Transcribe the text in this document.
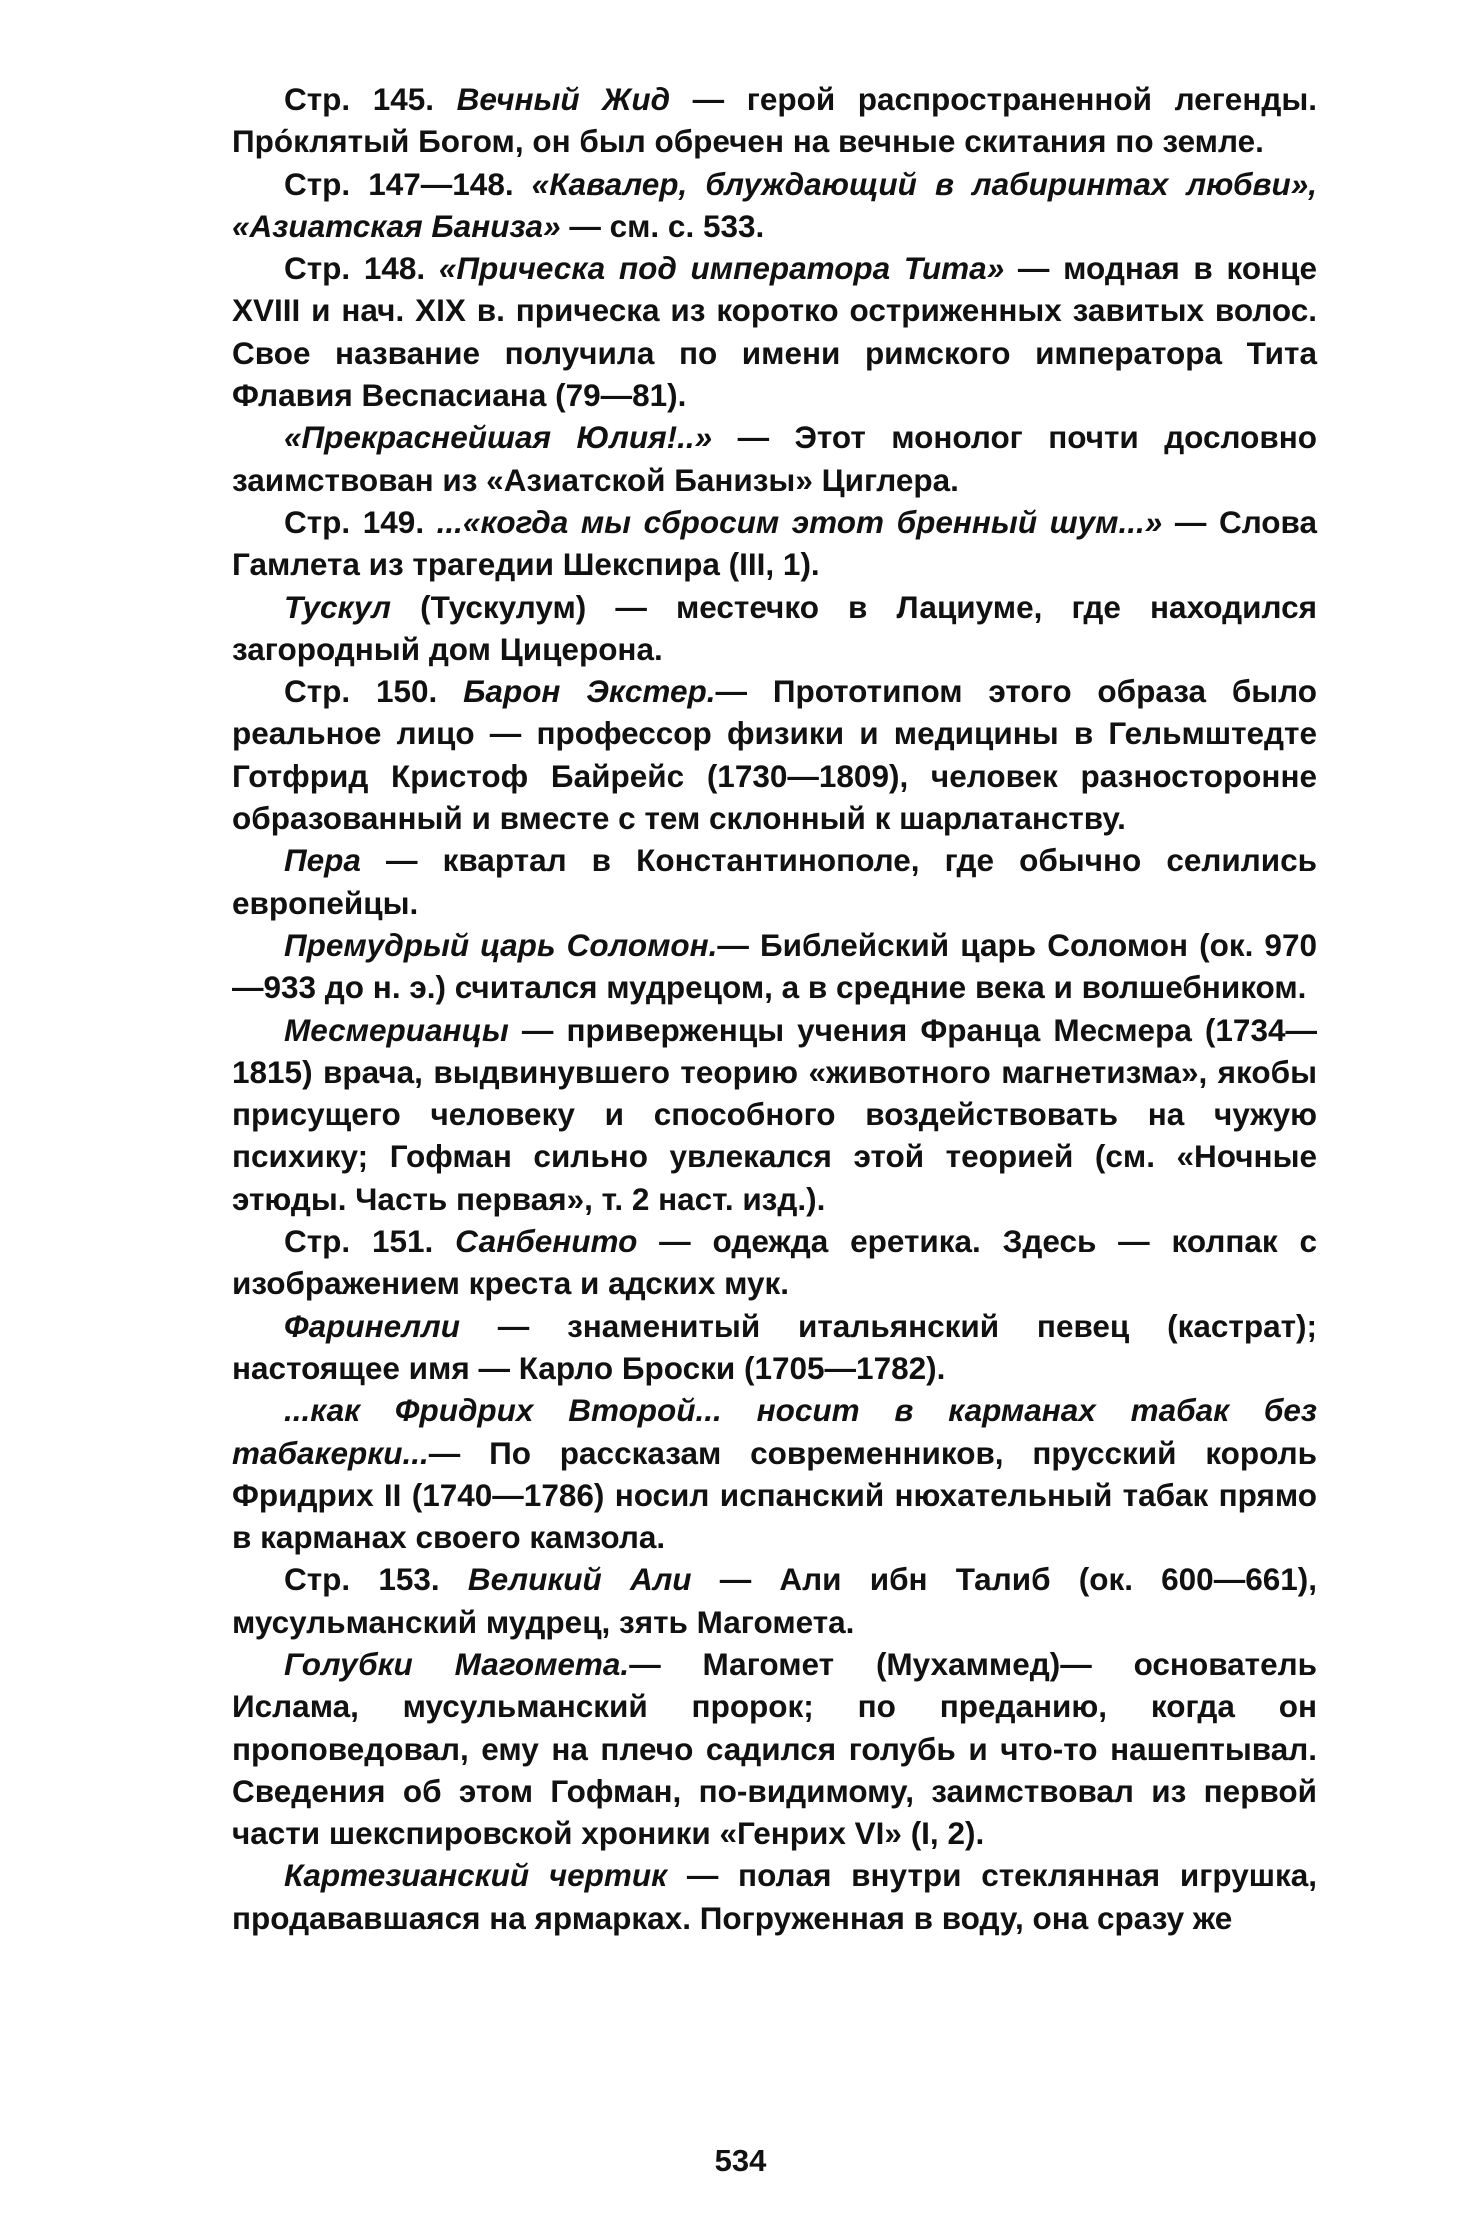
Стр. 145. Вечный Жид — герой распространенной легенды. Про́клятый Богом, он был обречен на вечные скитания по земле.

Стр. 147—148. «Кавалер, блуждающий в лабиринтах любви», «Азиатская Баниза» — см. с. 533.

Стр. 148. «Прическа под императора Тита» — модная в конце XVIII и нач. XIX в. прическа из коротко остриженных завитых волос. Свое название получила по имени римского императора Тита Флавия Веспасиана (79—81).

«Прекраснейшая Юлия!..» — Этот монолог почти дословно заимствован из «Азиатской Банизы» Циглера.

Стр. 149. ...«когда мы сбросим этот бренный шум...» — Слова Гамлета из трагедии Шекспира (III, 1).

Тускул (Тускулум) — местечко в Лациуме, где находился загородный дом Цицерона.

Стр. 150. Барон Экстер.— Прототипом этого образа было реальное лицо — профессор физики и медицины в Гельмштедте Готфрид Кристоф Байрейс (1730—1809), человек разносторонне образованный и вместе с тем склонный к шарлатанству.

Пера — квартал в Константинополе, где обычно селились европейцы.

Премудрый царь Соломон.— Библейский царь Соломон (ок. 970—933 до н. э.) считался мудрецом, а в средние века и волшебником.

Месмерианцы — приверженцы учения Франца Месмера (1734—1815) врача, выдвинувшего теорию «животного магнетизма», якобы присущего человеку и способного воздействовать на чужую психику; Гофман сильно увлекался этой теорией (см. «Ночные этюды. Часть первая», т. 2 наст. изд.).

Стр. 151. Санбенито — одежда еретика. Здесь — колпак с изображением креста и адских мук.

Фаринелли — знаменитый итальянский певец (кастрат); настоящее имя — Карло Броски (1705—1782).

...как Фридрих Второй... носит в карманах табак без табакерки...— По рассказам современников, прусский король Фридрих II (1740—1786) носил испанский нюхательный табак прямо в карманах своего камзола.

Стр. 153. Великий Али — Али ибн Талиб (ок. 600—661), мусульманский мудрец, зять Магомета.

Голубки Магомета.— Магомет (Мухаммед)— основатель Ислама, мусульманский пророк; по преданию, когда он проповедовал, ему на плечо садился голубь и что-то нашептывал. Сведения об этом Гофман, по-видимому, заимствовал из первой части шекспировской хроники «Генрих VI» (I, 2).

Картезианский чертик — полая внутри стеклянная игрушка, продававшаяся на ярмарках. Погруженная в воду, она сразу же

534
